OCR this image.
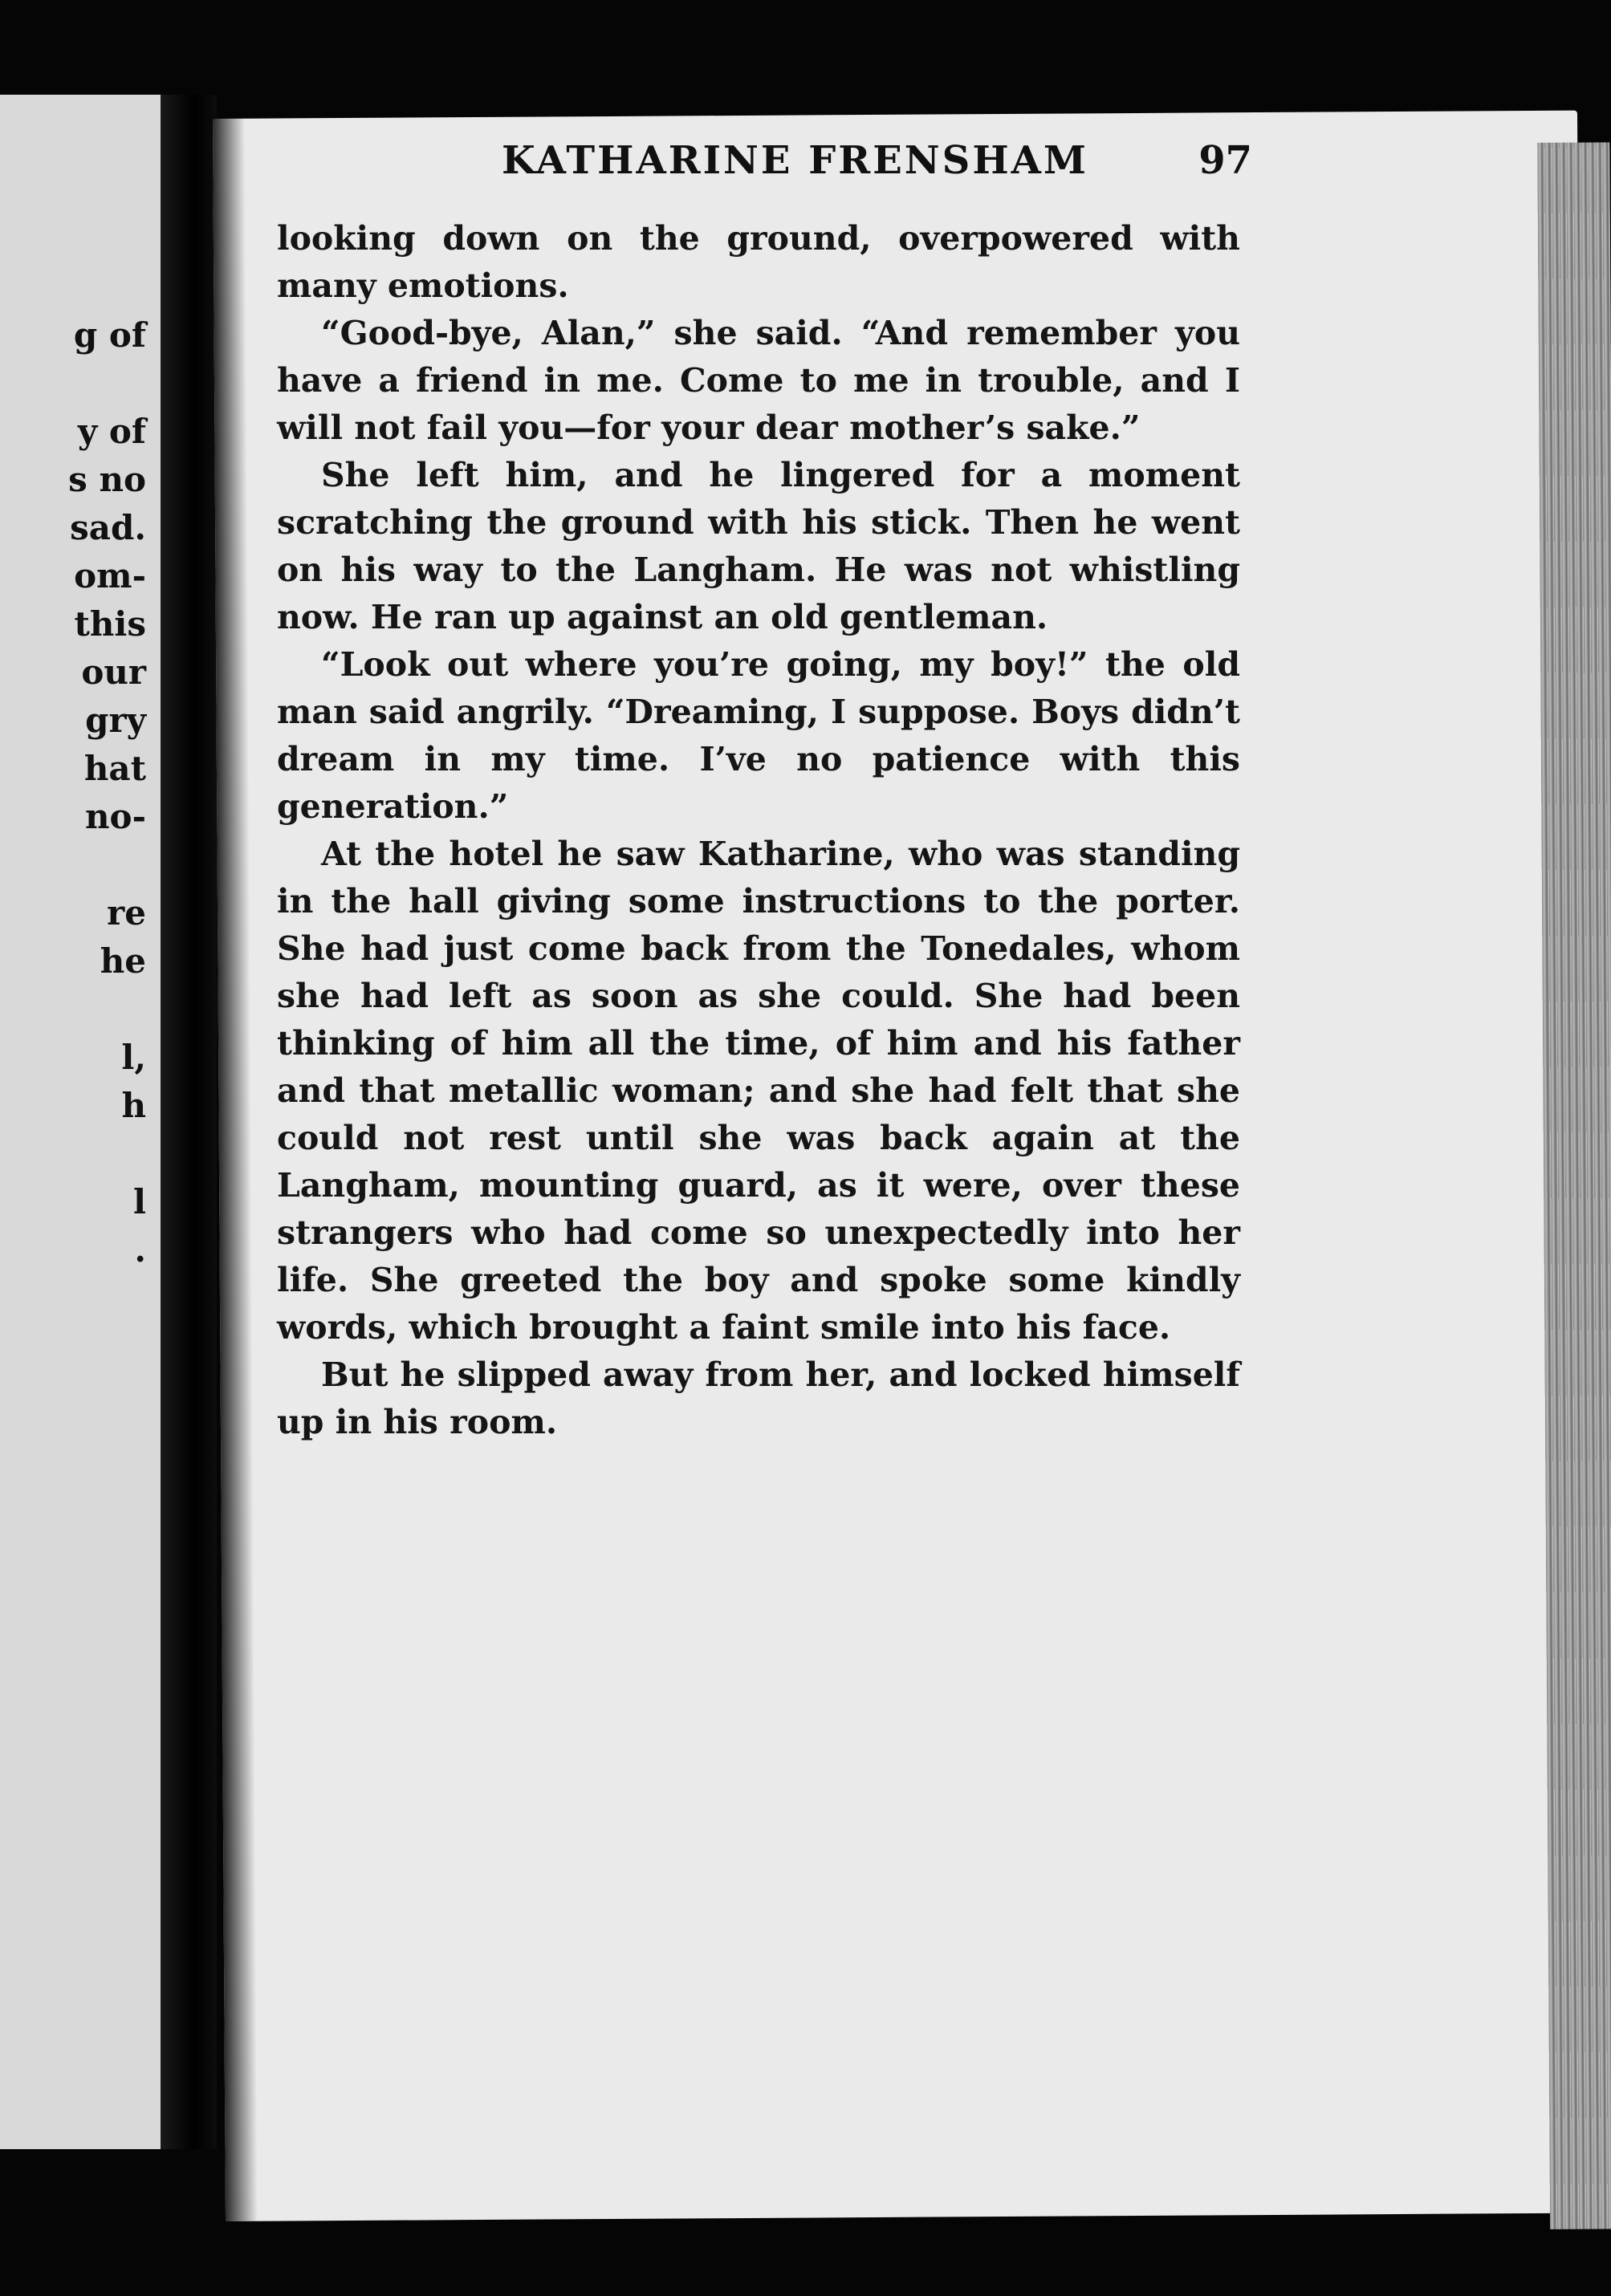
g of
y of
s no
sad.
om-
this
our
gry
hat
no-
re
he
l,
h
l
.
KATHARINE FRENSHAM	97

looking down on the ground, overpowered with many emotions.

“Good-bye, Alan,” she said. “And remember you have a friend in me. Come to me in trouble, and I will not fail you—for your dear mother’s sake.”

She left him, and he lingered for a moment scratching the ground with his stick. Then he went on his way to the Langham. He was not whistling now. He ran up against an old gentleman.

“Look out where you’re going, my boy!” the old man said angrily. “Dreaming, I suppose. Boys didn’t dream in my time. I’ve no patience with this generation.”

At the hotel he saw Katharine, who was standing in the hall giving some instructions to the porter. She had just come back from the Tonedales, whom she had left as soon as she could. She had been thinking of him all the time, of him and his father and that metallic woman; and she had felt that she could not rest until she was back again at the Langham, mounting guard, as it were, over these strangers who had come so unexpectedly into her life. She greeted the boy and spoke some kindly words, which brought a faint smile into his face.

But he slipped away from her, and locked himself up in his room.
